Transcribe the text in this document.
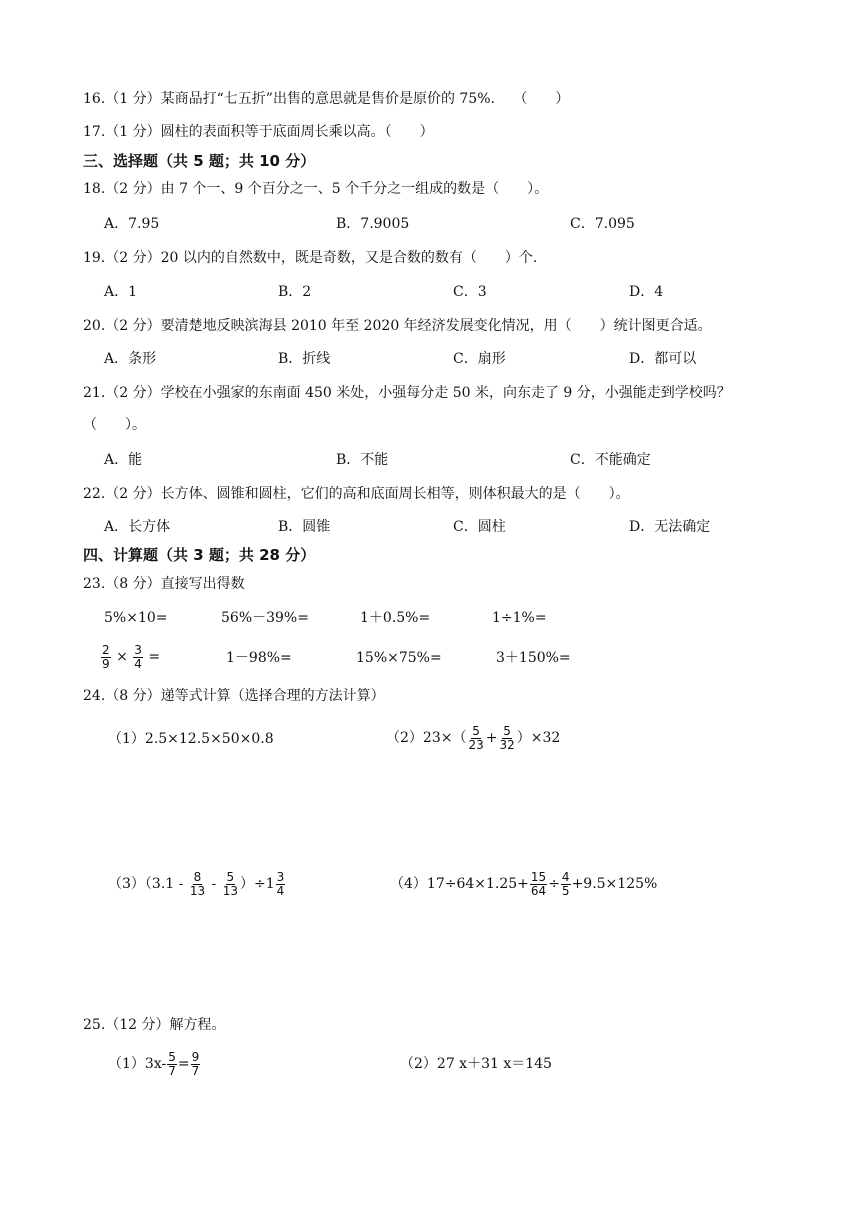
16.（1 分）某商品打“七五折”出售的意思就是售价是原价的 75%. （　　）
17.（1 分）圆柱的表面积等于底面周长乘以高。（　　）
三、选择题（共 5 题；共 10 分）
18.（2 分）由 7 个一、9 个百分之一、5 个千分之一组成的数是（　　）。
A．7.95	B．7.9005	C．7.095
19.（2 分）20 以内的自然数中，既是奇数，又是合数的数有（　　）个.
A．1	B．2	C．3	D．4
20.（2 分）要清楚地反映滨海县 2010 年至 2020 年经济发展变化情况，用（　　）统计图更合适。
A．条形	B．折线	C．扇形	D．都可以
21.（2 分）学校在小强家的东南面 450 米处，小强每分走 50 米，向东走了 9 分，小强能走到学校吗？
（　　）。
A．能	B．不能	C．不能确定
22.（2 分）长方体、圆锥和圆柱，它们的高和底面周长相等，则体积最大的是（　　）。
A．长方体	B．圆锥	C．圆柱	D．无法确定
四、计算题（共 3 题；共 28 分）
23.（8 分）直接写出得数
5%×10=	56%－39%=	1＋0.5%=	1÷1%=
$\frac{2}{9} \times \frac{3}{4}$ =	1－98%=	15%×75%=	3＋150%=
24.（8 分）递等式计算（选择合理的方法计算）
（1）2.5×12.5×50×0.8	$(2)23\times( \frac{5}{23} + \frac{5}{32} )\times 32$
$(3)(3.1 - \frac{8}{13} - \frac{5}{13} )\div 1 \frac{3}{4}$	$(4)17\div 64\times 1.25+ \frac{15}{64} \div \frac{4}{5} +9.5\times 125\%$
25.（12 分）解方程。
$(1)3x- \frac{5}{7} = \frac{9}{7}$	（2）27 x＋31 x＝145
